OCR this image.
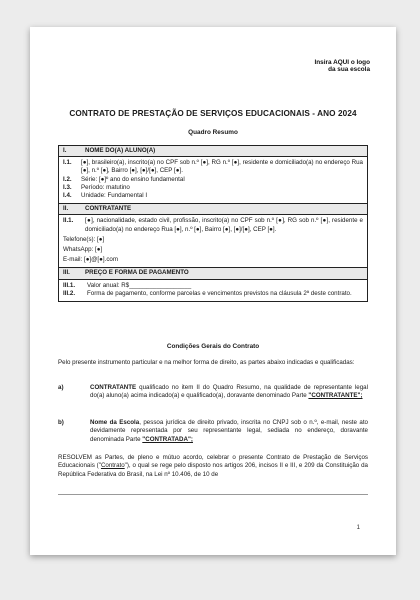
Insira AQUI o logo
da sua escola
CONTRATO DE PRESTAÇÃO DE SERVIÇOS EDUCACIONAIS - ANO 2024
Quadro Resumo
I.	NOME DO(A) ALUNO(A)
I.1.	[●], brasileiro(a), inscrito(a) no CPF sob n.º [●], RG n.º [●], residente e domiciliado(a) no endereço Rua [●], n.º [●], Bairro [●], [●]/[●], CEP [●].
I.2.	Série: [●]º ano do ensino fundamental
I.3.	Período: matutino
I.4.	Unidade: Fundamental I
II.	CONTRATANTE
II.1.	[●], nacionalidade, estado civil, profissão, inscrito(a) no CPF sob n.º [●], RG sob n.º [●], residente e domiciliado(a) no endereço Rua [●], n.º [●], Bairro [●], [●]/[●], CEP [●].
Telefone(s): [●]
WhatsApp: [●]
E-mail: [●]@[●].com
III.	PREÇO E FORMA DE PAGAMENTO
III.1.	Valor anual: R$__________________
III.2.	Forma de pagamento, conforme parcelas e vencimentos previstos na cláusula 2ª deste contrato.
Condições Gerais do Contrato
Pelo presente instrumento particular e na melhor forma de direito, as partes abaixo indicadas e qualificadas:
a)	CONTRATANTE qualificado no item II do Quadro Resumo, na qualidade de representante legal do(a) aluno(a) acima indicado(a) e qualificado(a), doravante denominado Parte "CONTRATANTE";
b)	Nome da Escola, pessoa jurídica de direito privado, inscrita no CNPJ sob o n.º, e-mail, neste ato devidamente representada por seu representante legal, sediada no endereço, doravante denominada Parte "CONTRATADA";
RESOLVEM as Partes, de pleno e mútuo acordo, celebrar o presente Contrato de Prestação de Serviços Educacionais ("Contrato"), o qual se rege pelo disposto nos artigos 206, incisos II e III, e 209 da Constituição da República Federativa do Brasil, na Lei nº 10.406, de 10 de
1
